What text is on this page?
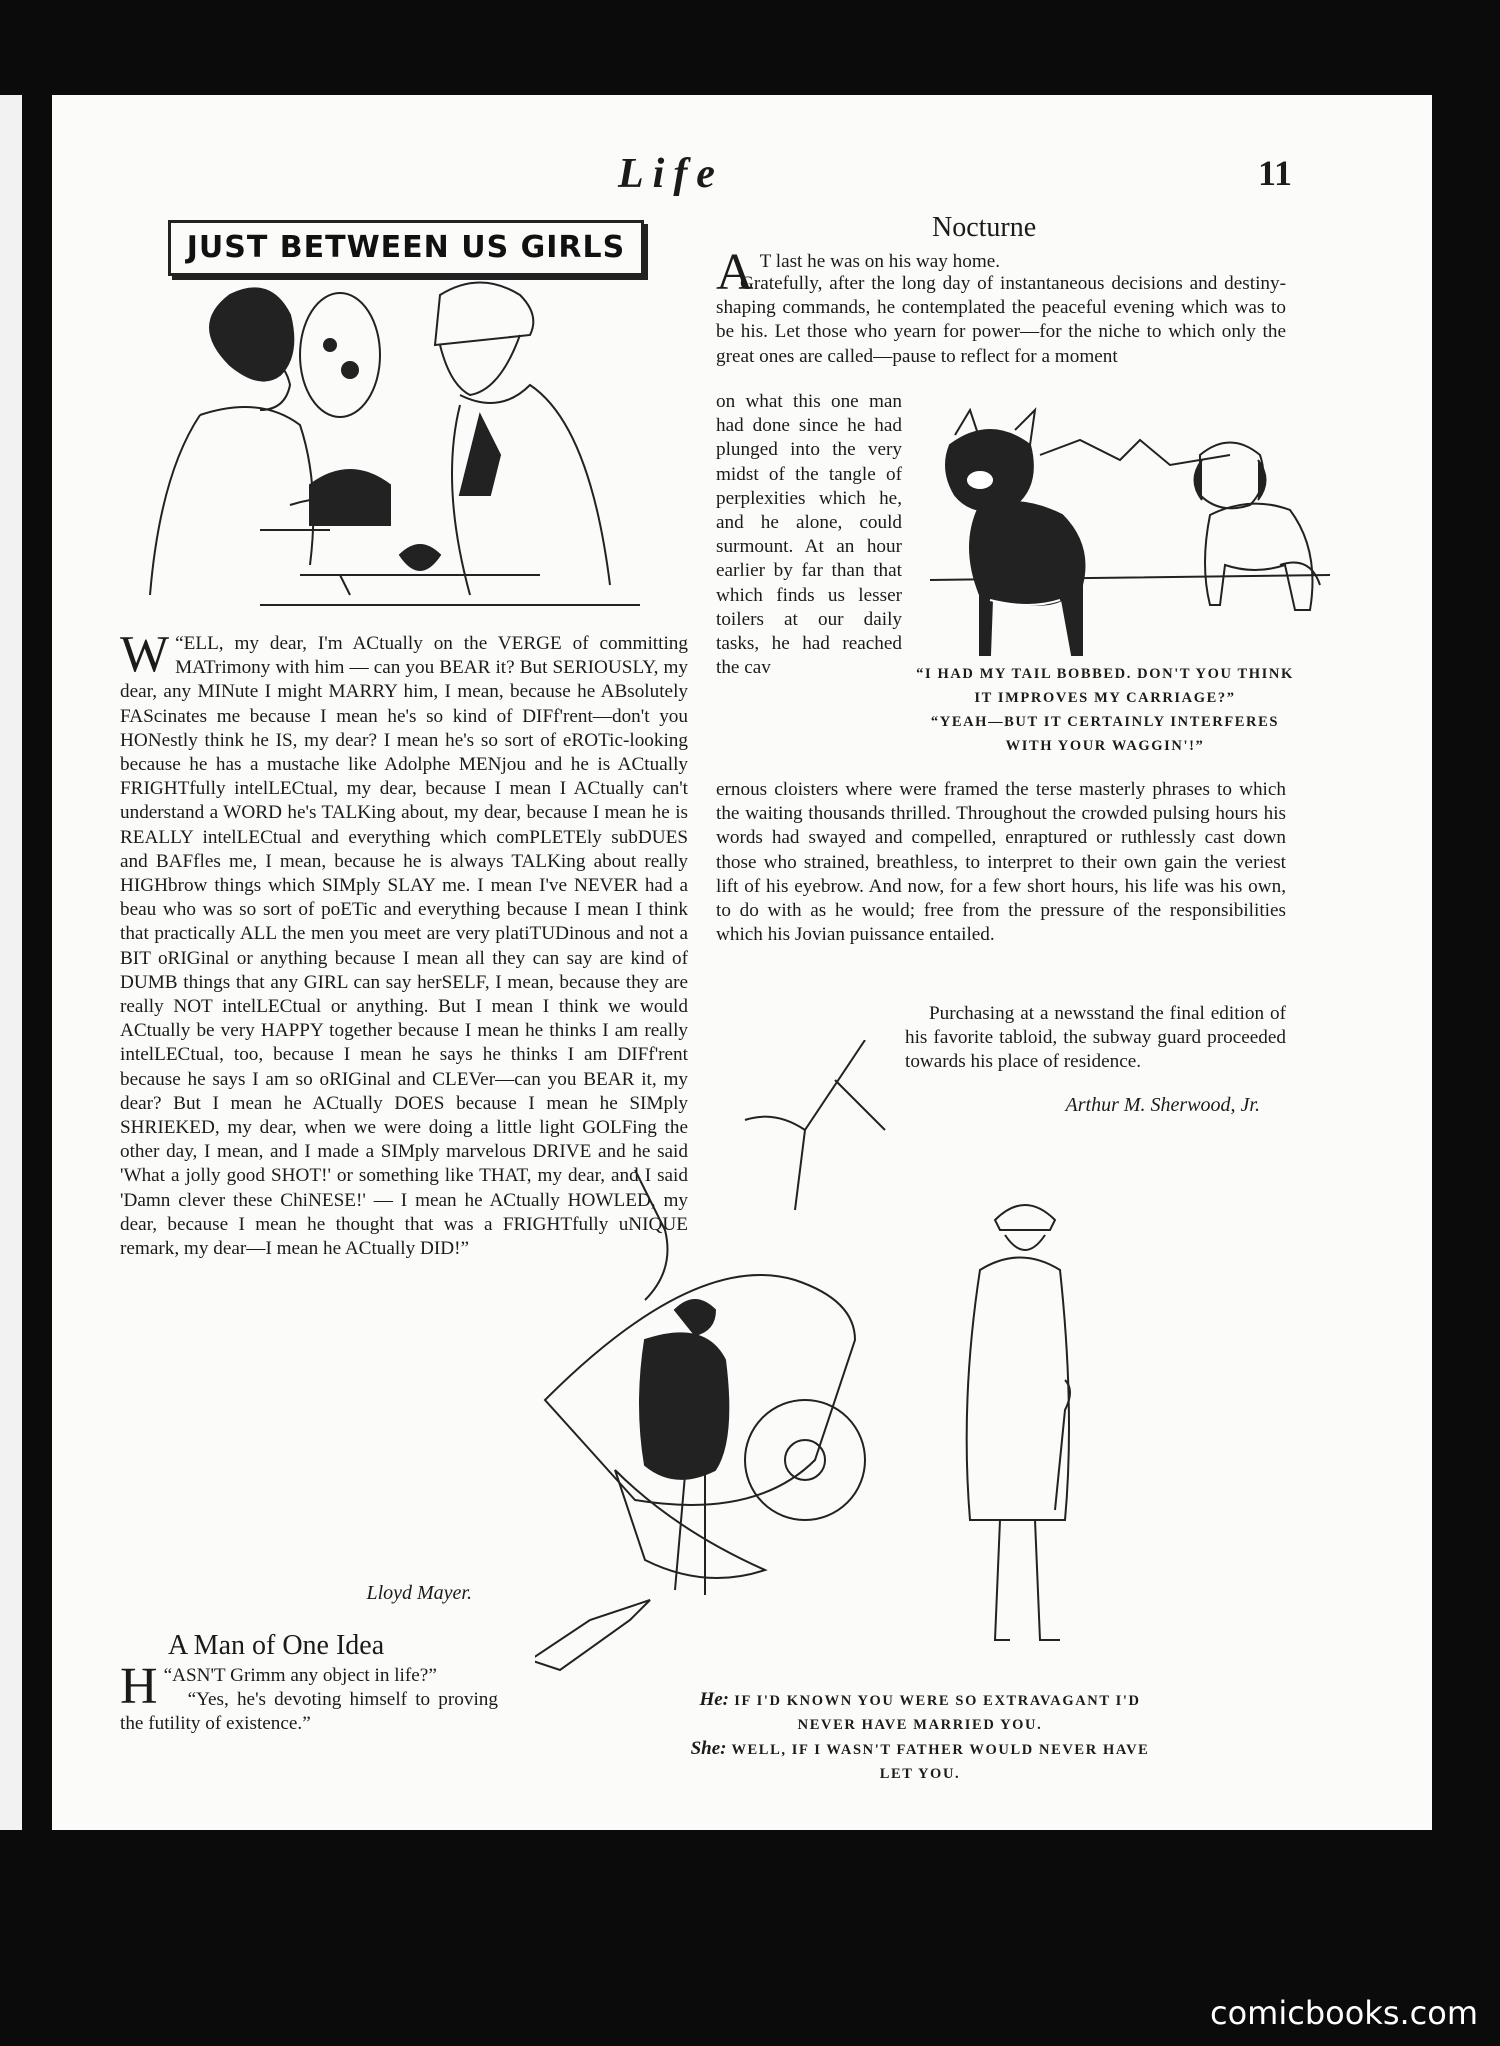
Life	11
JUST BETWEEN US GIRLS

“
W ELL, my dear, I'm ACtually on the VERGE of committing MATrimony with him — can you BEAR it? But SERIOUSLY, my dear, any MINute I might MARRY him, I mean, because he ABsolutely FAScinates me because I mean he's so kind of DIFf'rent—don't you HONestly think he IS, my dear? I mean he's so sort of eROTic-looking because he has a mustache like Adolphe MENjou and he is ACtually FRIGHTfully intelLECtual, my dear, because I mean I ACtually can't understand a WORD he's TALKing about, my dear, because I mean he is REALLY intelLECtual and everything which comPLETEly subDUES and BAFfles me, I mean, because he is always TALKing about really HIGHbrow things which SIMply SLAY me. I mean I've NEVER had a beau who was so sort of poETic and everything because I mean I think that practically ALL the men you meet are very platiTUDinous and not a BIT oRIGinal or anything because I mean all they can say are kind of DUMB things that any GIRL can say herSELF, I mean, because they are really NOT intelLECtual or anything. But I mean I think we would ACtually be very HAPPY together because I mean he thinks I am really intelLECtual, too, because I mean he says he thinks I am DIFf'rent because he says I am so oRIGinal and CLEVer—can you BEAR it, my dear? But I mean he ACtually DOES because I mean he SIMply SHRIEKED, my dear, when we were doing a little light GOLFing the other day, I mean, and I made a SIMply marvelous DRIVE and he said 'What a jolly good SHOT!' or something like THAT, my dear, and I said 'Damn clever these ChiNESE!' — I mean he ACtually HOWLED, my dear, because I mean he thought that was a FRIGHTfully uNIQUE remark, my dear—I mean he ACtually DID!”

Lloyd Mayer.
A Man of One Idea

“
H ASN'T Grimm any object in life?”

“Yes, he's devoting himself to proving the futility of existence.”

Nocturne

A T last he was on his way home.

Gratefully, after the long day of instantaneous decisions and destiny-shaping commands, he contemplated the peaceful evening which was to be his. Let those who yearn for power—for the niche to which only the great ones are called—pause to reflect for a moment

on what this one man had done since he had plunged into the very midst of the tangle of perplexities which he, and he alone, could surmount. At an hour earlier by far than that which finds us lesser toilers at our daily tasks, he had reached the cav	“I HAD MY TAIL BOBBED. DON'T YOU THINK IT IMPROVES MY CARRIAGE?”
“YEAH—BUT IT CERTAINLY INTERFERES WITH YOUR WAGGIN'!”

ernous cloisters where were framed the terse masterly phrases to which the waiting thousands thrilled. Throughout the crowded pulsing hours his words had swayed and compelled, enraptured or ruthlessly cast down those who strained, breathless, to interpret to their own gain the veriest lift of his eyebrow. And now, for a few short hours, his life was his own, to do with as he would; free from the pressure of the responsibilities which his Jovian puissance entailed.

Purchasing at a newsstand the final edition of his favorite tabloid, the subway guard proceeded towards his place of residence.

Arthur M. Sherwood, Jr.
He: IF I'D KNOWN YOU WERE SO EXTRAVAGANT I'D NEVER HAVE MARRIED YOU.
She: WELL, IF I WASN'T FATHER WOULD NEVER HAVE LET YOU.
comicbooks.com
